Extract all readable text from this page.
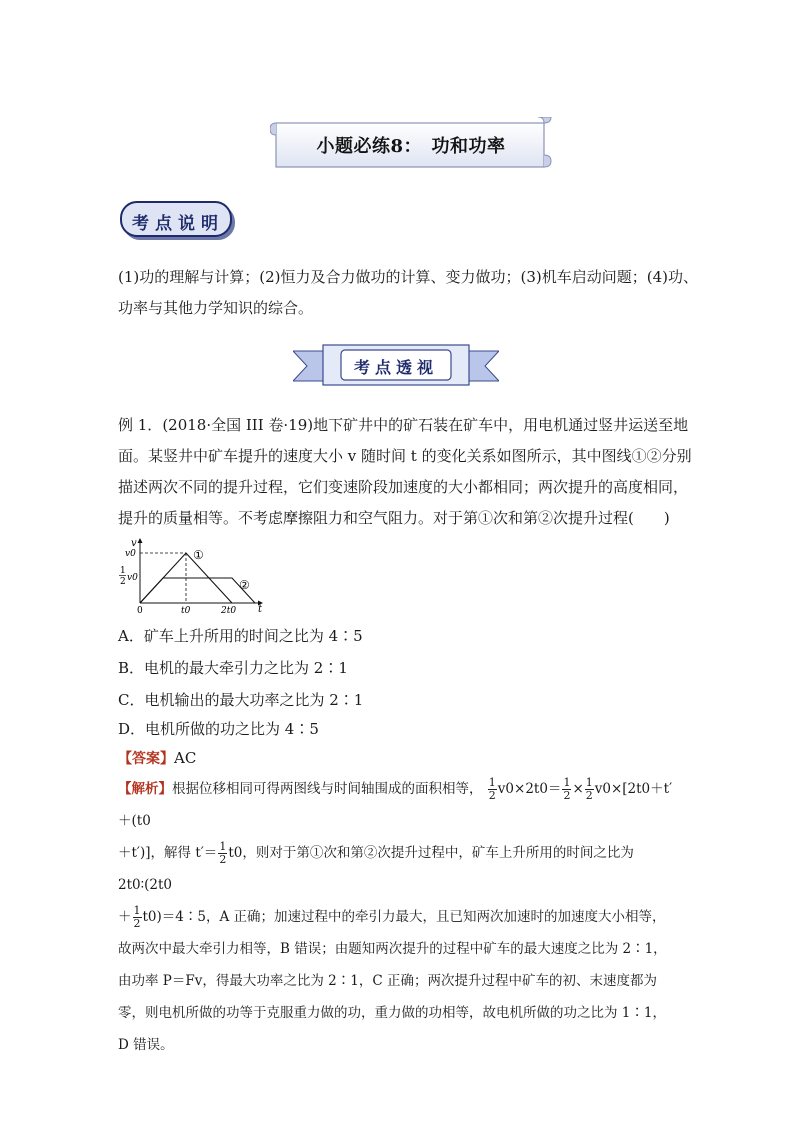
小题必练8：　功和功率
考点说明
(1)功的理解与计算；(2)恒力及合力做功的计算、变力做功；(3)机车启动问题；(4)功、功率与其他力学知识的综合。
考点透视
例 1．(2018·全国 III 卷·19)地下矿井中的矿石装在矿车中，用电机通过竖井运送至地面。某竖井中矿车提升的速度大小 v 随时间 t 的变化关系如图所示，其中图线①②分别描述两次不同的提升过程，它们变速阶段加速度的大小都相同；两次提升的高度相同，提升的质量相等。不考虑摩擦阻力和空气阻力。对于第①次和第②次提升过程(　　)
v
t
v0
1
2 v0
0	t0	2t0
①
②
A．矿车上升所用的时间之比为 4∶5
B．电机的最大牵引力之比为 2∶1
C．电机输出的最大功率之比为 2∶1
D．电机所做的功之比为 4∶5
【答案】AC
【解析】根据位移相同可得两图线与时间轴围成的面积相等， $\frac{1}{2} v0\times 2t0= \frac{1}{2} \times \frac{1}{2} v0\times[2t0+t'+(t0$
＋t′)]，解得 $t'= \frac{1}{2} t0$，则对于第①次和第②次提升过程中，矿车上升所用的时间之比为 2t0∶(2t0
＋ $\frac{1}{2}$ t0)＝4∶5，A 正确；加速过程中的牵引力最大，且已知两次加速时的加速度大小相等，
故两次中最大牵引力相等，B 错误；由题知两次提升的过程中矿车的最大速度之比为 2∶1，
由功率 P＝Fv，得最大功率之比为 2∶1，C 正确；两次提升过程中矿车的初、末速度都为
零，则电机所做的功等于克服重力做的功，重力做的功相等，故电机所做的功之比为 1∶1，
D 错误。
